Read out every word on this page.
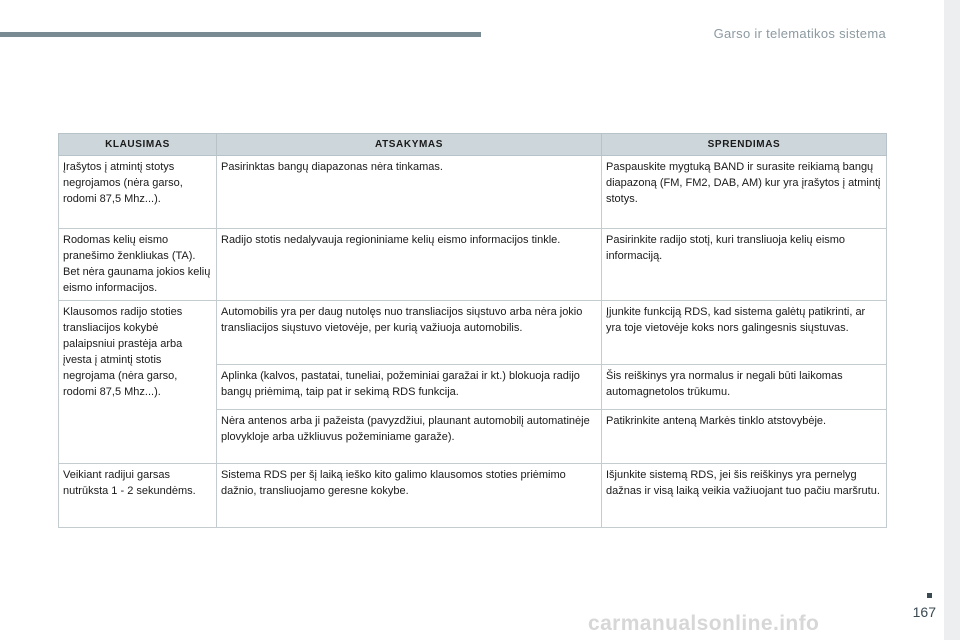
Garso ir telematikos sistema
KLAUSIMAS	ATSAKYMAS	SPRENDIMAS
Įrašytos į atmintį stotys negrojamos (nėra garso, rodomi 87,5 Mhz...).	Pasirinktas bangų diapazonas nėra tinkamas.	Paspauskite mygtuką BAND ir surasite reikiamą bangų diapazoną (FM, FM2, DAB, AM) kur yra įrašytos į atmintį stotys.
Rodomas kelių eismo pranešimo ženkliukas (TA). Bet nėra gaunama jokios kelių eismo informacijos.	Radijo stotis nedalyvauja regioniniame kelių eismo informacijos tinkle.	Pasirinkite radijo stotį, kuri transliuoja kelių eismo informaciją.
Klausomos radijo stoties transliacijos kokybė palaipsniui prastėja arba įvesta į atmintį stotis negrojama (nėra garso, rodomi 87,5 Mhz...).	Automobilis yra per daug nutolęs nuo transliacijos siųstuvo arba nėra jokio transliacijos siųstuvo vietovėje, per kurią važiuoja automobilis.	Įjunkite funkciją RDS, kad sistema galėtų patikrinti, ar yra toje vietovėje koks nors galingesnis siųstuvas.
	Aplinka (kalvos, pastatai, tuneliai, požeminiai garažai ir kt.) blokuoja radijo bangų priėmimą, taip pat ir sekimą RDS funkcija.	Šis reiškinys yra normalus ir negali būti laikomas automagnetolos trūkumu.
	Nėra antenos arba ji pažeista (pavyzdžiui, plaunant automobilį automatinėje plovykloje arba užkliuvus požeminiame garaže).	Patikrinkite anteną Markės tinklo atstovybėje.
Veikiant radijui garsas nutrūksta 1 - 2 sekundėms.	Sistema RDS per šį laiką ieško kito galimo klausomos stoties priėmimo dažnio, transliuojamo geresne kokybe.	Išjunkite sistemą RDS, jei šis reiškinys yra pernelyg dažnas ir visą laiką veikia važiuojant tuo pačiu maršrutu.
167
carmanualsonline.info
